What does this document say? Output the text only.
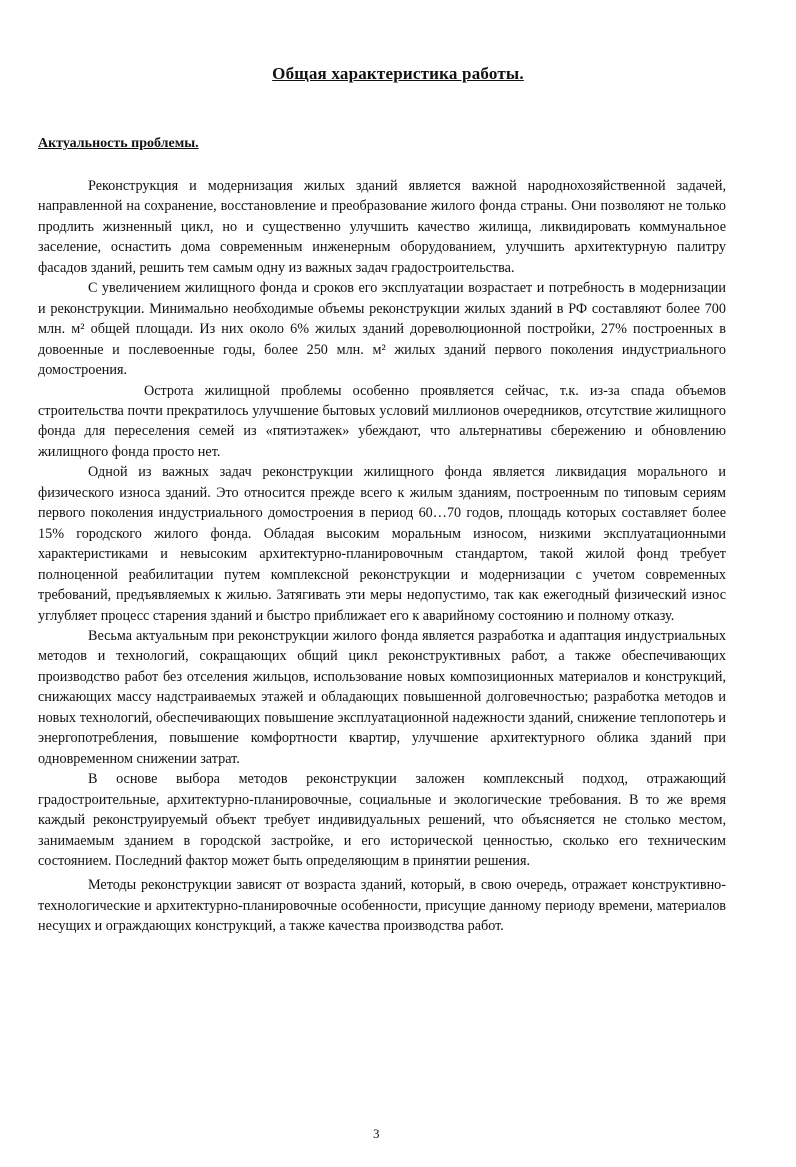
Общая характеристика работы.
Актуальность проблемы.

Реконструкция и модернизация жилых зданий является важной народнохозяйственной задачей, направленной на сохранение, восстановление и преобразование жилого фонда страны. Они позволяют не только продлить жизненный цикл, но и существенно улучшить качество жилища, ликвидировать коммунальное заселение, оснастить дома современным инженерным оборудованием, улучшить архитектурную палитру фасадов зданий, решить тем самым одну из важных задач градостроительства.

С увеличением жилищного фонда и сроков его эксплуатации возрастает и потребность в модернизации и реконструкции. Минимально необходимые объемы реконструкции жилых зданий в РФ составляют более 700 млн. м² общей площади. Из них около 6% жилых зданий дореволюционной постройки, 27% построенных в довоенные и послевоенные годы, более 250 млн. м² жилых зданий первого поколения индустриального домостроения.

Острота жилищной проблемы особенно проявляется сейчас, т.к. из-за спада объемов строительства почти прекратилось улучшение бытовых условий миллионов очередников, отсутствие жилищного фонда для переселения семей из «пятиэтажек» убеждают, что альтернативы сбережению и обновлению жилищного фонда просто нет.

Одной из важных задач реконструкции жилищного фонда является ликвидация морального и физического износа зданий. Это относится прежде всего к жилым зданиям, построенным по типовым сериям первого поколения индустриального домостроения в период 60…70 годов, площадь которых составляет более 15% городского жилого фонда. Обладая высоким моральным износом, низкими эксплуатационными характеристиками и невысоким архитектурно-планировочным стандартом, такой жилой фонд требует полноценной реабилитации путем комплексной реконструкции и модернизации с учетом современных требований, предъявляемых к жилью. Затягивать эти меры недопустимо, так как ежегодный физический износ углубляет процесс старения зданий и быстро приближает его к аварийному состоянию и полному отказу.

Весьма актуальным при реконструкции жилого фонда является разработка и адаптация индустриальных методов и технологий, сокращающих общий цикл реконструктивных работ, а также обеспечивающих производство работ без отселения жильцов, использование новых композиционных материалов и конструкций, снижающих массу надстраиваемых этажей и обладающих повышенной долговечностью; разработка методов и новых технологий, обеспечивающих повышение эксплуатационной надежности зданий, снижение теплопотерь и энергопотребления, повышение комфортности квартир, улучшение архитектурного облика зданий при одновременном снижении затрат.

В основе выбора методов реконструкции заложен комплексный подход, отражающий градостроительные, архитектурно-планировочные, социальные и экологические требования. В то же время каждый реконструируемый объект требует индивидуальных решений, что объясняется не столько местом, занимаемым зданием в городской застройке, и его исторической ценностью, сколько его техническим состоянием. Последний фактор может быть определяющим в принятии решения.

Методы реконструкции зависят от возраста зданий, который, в свою очередь, отражает конструктивно-технологические и архитектурно-планировочные особенности, присущие данному периоду времени, материалов несущих и ограждающих конструкций, а также качества производства работ.

3
